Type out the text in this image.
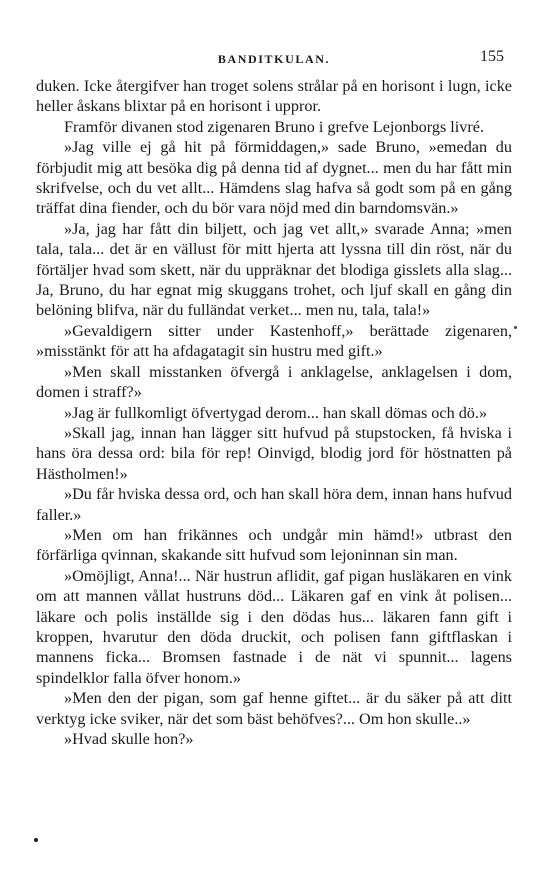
BANDITKULAN.	155

duken. Icke återgifver han troget solens strålar på en horisont i lugn, icke heller åskans blixtar på en horisont i uppror.

Framför divanen stod zigenaren Bruno i grefve Lejonborgs livré.

»Jag ville ej gå hit på förmiddagen,» sade Bruno, »emedan du förbjudit mig att besöka dig på denna tid af dygnet... men du har fått min skrifvelse, och du vet allt... Hämdens slag hafva så godt som på en gång träffat dina fiender, och du bör vara nöjd med din barndomsvän.»

»Ja, jag har fått din biljett, och jag vet allt,» svarade Anna; »men tala, tala... det är en vällust för mitt hjerta att lyssna till din röst, när du förtäljer hvad som skett, när du uppräknar det blodiga gisslets alla slag... Ja, Bruno, du har egnat mig skuggans trohet, och ljuf skall en gång din belöning blifva, när du fulländat verket... men nu, tala, tala!»

»Gevaldigern sitter under Kastenhoff,» berättade zigenaren, »misstänkt för att ha afdagatagit sin hustru med gift.»

»Men skall misstanken öfvergå i anklagelse, anklagelsen i dom, domen i straff?»

»Jag är fullkomligt öfvertygad derom... han skall dömas och dö.»

»Skall jag, innan han lägger sitt hufvud på stupstocken, få hviska i hans öra dessa ord: bila för rep! Oinvigd, blodig jord för höstnatten på Hästholmen!»

»Du får hviska dessa ord, och han skall höra dem, innan hans hufvud faller.»

»Men om han frikännes och undgår min hämd!» utbrast den förfärliga qvinnan, skakande sitt hufvud som lejoninnan sin man.

»Omöjligt, Anna!... När hustrun aflidit, gaf pigan husläkaren en vink om att mannen vållat hustruns död... Läkaren gaf en vink åt polisen... läkare och polis inställde sig i den dödas hus... läkaren fann gift i kroppen, hvarutur den döda druckit, och polisen fann giftflaskan i mannens ficka... Bromsen fastnade i de nät vi spunnit... lagens spindelklor falla öfver honom.»

»Men den der pigan, som gaf henne giftet... är du säker på att ditt verktyg icke sviker, när det som bäst behöfves?... Om hon skulle..»

»Hvad skulle hon?»
